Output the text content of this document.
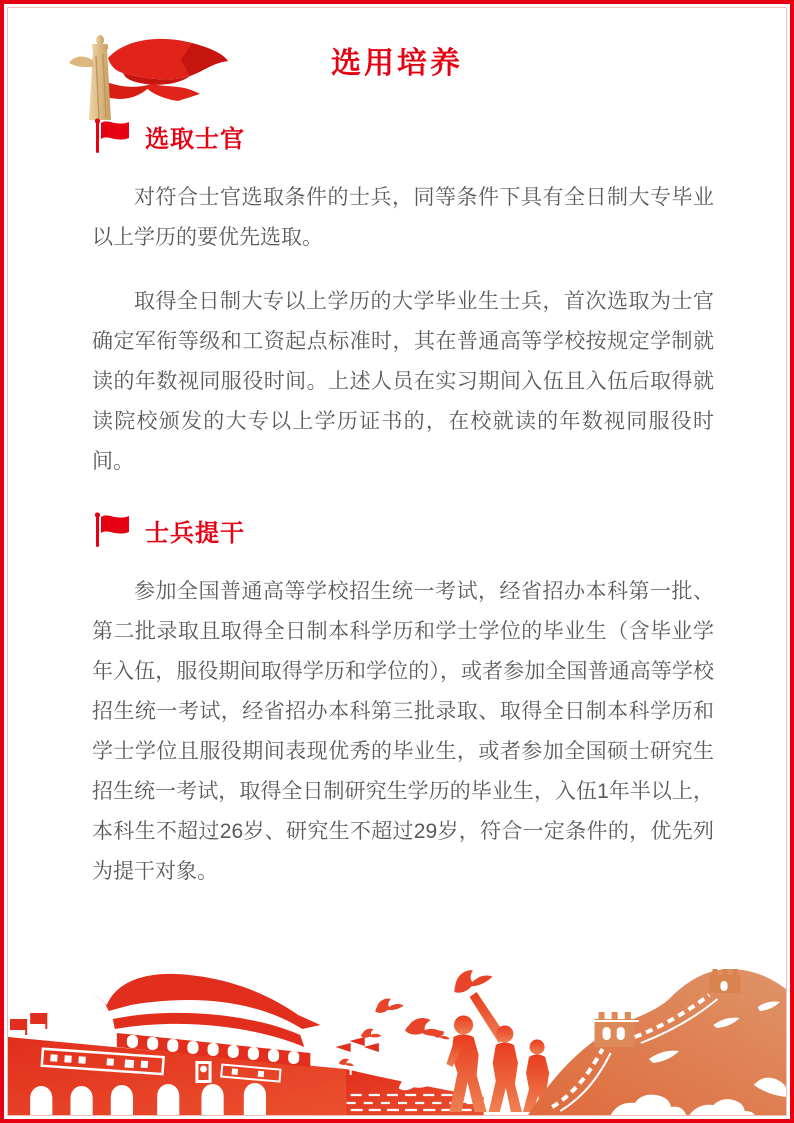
选用培养
选取士官

对符合士官选取条件的士兵，同等条件下具有全日制大专毕业以上学历的要优先选取。

取得全日制大专以上学历的大学毕业生士兵，首次选取为士官确定军衔等级和工资起点标准时，其在普通高等学校按规定学制就读的年数视同服役时间。上述人员在实习期间入伍且入伍后取得就读院校颁发的大专以上学历证书的，在校就读的年数视同服役时间。

士兵提干

参加全国普通高等学校招生统一考试，经省招办本科第一批、第二批录取且取得全日制本科学历和学士学位的毕业生（含毕业学年入伍，服役期间取得学历和学位的），或者参加全国普通高等学校招生统一考试，经省招办本科第三批录取、取得全日制本科学历和学士学位且服役期间表现优秀的毕业生，或者参加全国硕士研究生招生统一考试，取得全日制研究生学历的毕业生，入伍1年半以上，本科生不超过26岁、研究生不超过29岁，符合一定条件的，优先列为提干对象。
